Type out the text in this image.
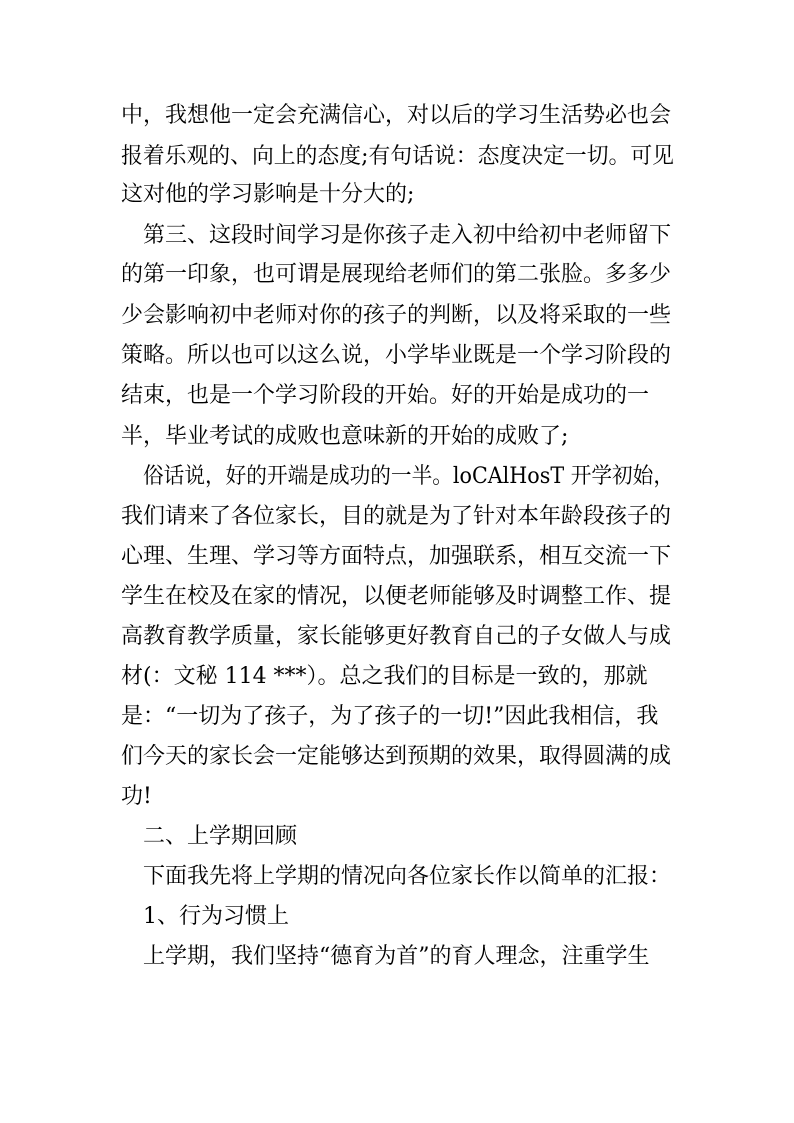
中，我想他一定会充满信心，对以后的学习生活势必也会
报着乐观的、向上的态度;有句话说：态度决定一切。可见
这对他的学习影响是十分大的;
第三、这段时间学习是你孩子走入初中给初中老师留下
的第一印象，也可谓是展现给老师们的第二张脸。多多少
少会影响初中老师对你的孩子的判断，以及将采取的一些
策略。所以也可以这么说，小学毕业既是一个学习阶段的
结束，也是一个学习阶段的开始。好的开始是成功的一
半，毕业考试的成败也意味新的开始的成败了;
俗话说，好的开端是成功的一半。loCAlHosT 开学初始，
我们请来了各位家长，目的就是为了针对本年龄段孩子的
心理、生理、学习等方面特点，加强联系，相互交流一下
学生在校及在家的情况，以便老师能够及时调整工作、提
高教育教学质量，家长能够更好教育自己的子女做人与成
材(：文秘 114 ***）。总之我们的目标是一致的，那就
是：“一切为了孩子，为了孩子的一切!”因此我相信，我
们今天的家长会一定能够达到预期的效果，取得圆满的成
功!
二、上学期回顾
下面我先将上学期的情况向各位家长作以简单的汇报：
1、行为习惯上
上学期，我们坚持“德育为首”的育人理念，注重学生
